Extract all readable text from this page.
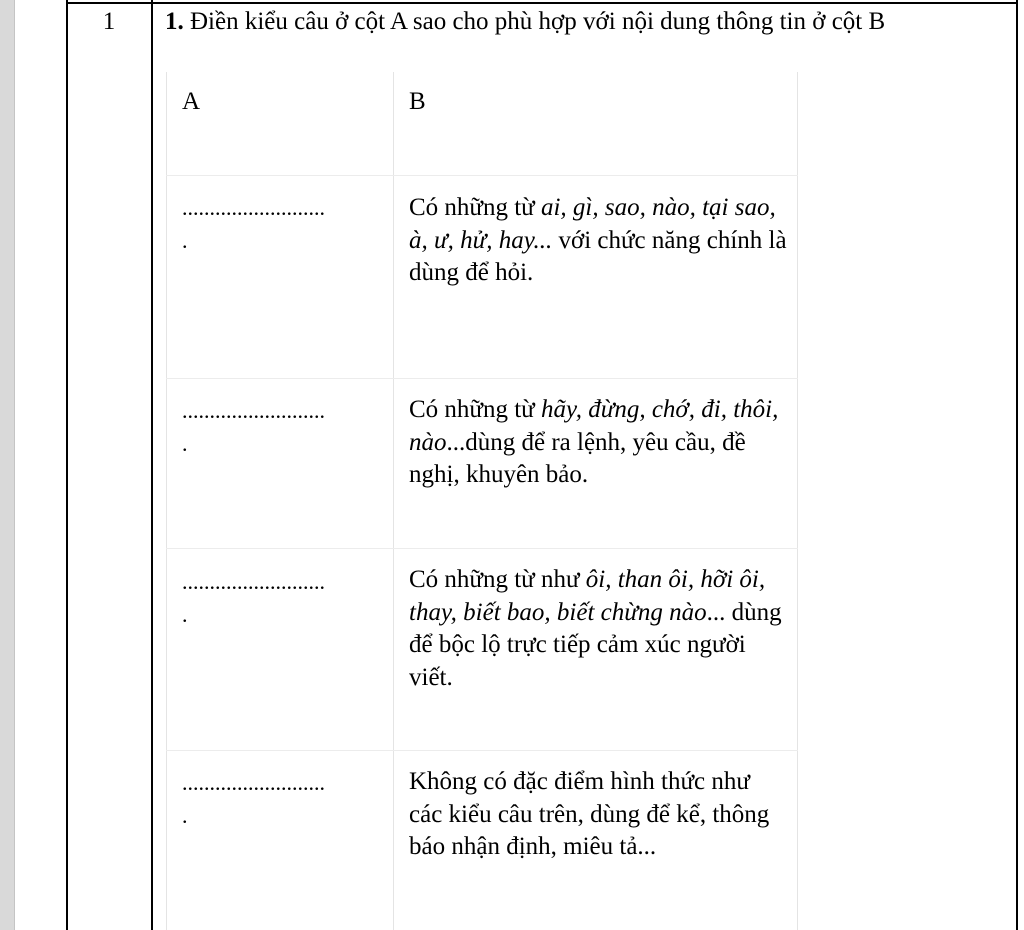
1	1. Điền kiểu câu ở cột A sao cho phù hợp với nội dung thông tin ở cột B
A	B
..........................
.
Có những từ ai, gì, sao, nào, tại sao, à, ư, hử, hay... với chức năng chính là dùng để hỏi.
..........................
.
Có những từ hãy, đừng, chớ, đi, thôi, nào...dùng để ra lệnh, yêu cầu, đề nghị, khuyên bảo.
..........................
.
Có những từ như ôi, than ôi, hỡi ôi, thay, biết bao, biết chừng nào... dùng để bộc lộ trực tiếp cảm xúc người viết.
..........................
.
Không có đặc điểm hình thức như các kiểu câu trên, dùng để kể, thông báo nhận định, miêu tả...
